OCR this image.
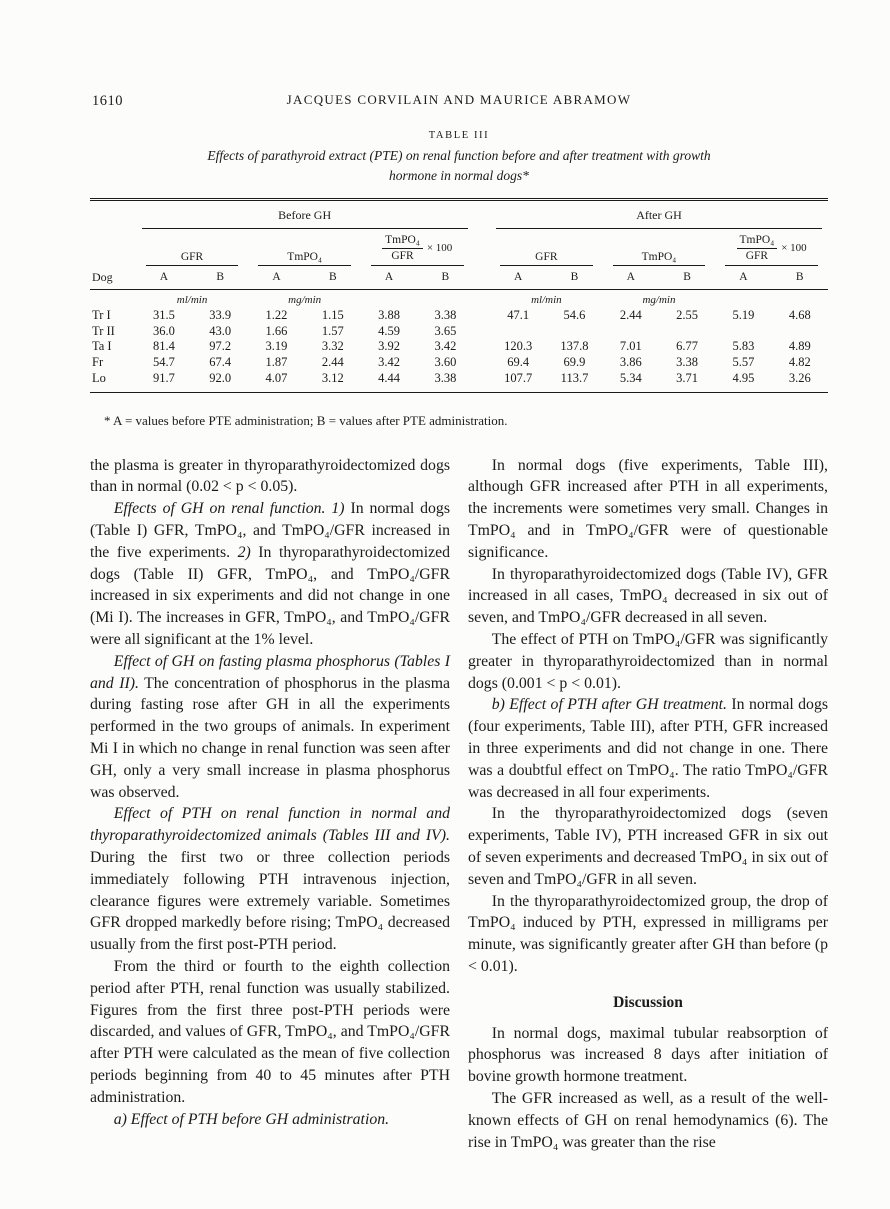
1610	JACQUES CORVILAIN AND MAURICE ABRAMOW
TABLE III
Effects of parathyroid extract (PTE) on renal function before and after treatment with growth hormone in normal dogs*

	Before GH							After GH					

	GFR		TmPO₄		$\frac{\text{TmPO₄}}{\text{GFR}} \times 100$			GFR		TmPO₄		$\frac{\text{TmPO₄}}{\text{GFR}} \times 100$	

Dog	A	B	A	B	A	B		A	B	A	B	A	B
	ml/min		mg/min					ml/min		mg/min			
Tr I	31.5	33.9	1.22	1.15	3.88	3.38		47.1	54.6	2.44	2.55	5.19	4.68
Tr II	36.0	43.0	1.66	1.57	4.59	3.65							
Ta I	81.4	97.2	3.19	3.32	3.92	3.42		120.3	137.8	7.01	6.77	5.83	4.89
Fr	54.7	67.4	1.87	2.44	3.42	3.60		69.4	69.9	3.86	3.38	5.57	4.82
Lo	91.7	92.0	4.07	3.12	4.44	3.38		107.7	113.7	5.34	3.71	4.95	3.26
* A = values before PTE administration; B = values after PTE administration.

the plasma is greater in thyroparathyroidectomized dogs than in normal (0.02 < p < 0.05).

Effects of GH on renal function. 1) In normal dogs (Table I) GFR, TmPO₄, and TmPO₄/GFR increased in the five experiments. 2) In thyroparathyroidectomized dogs (Table II) GFR, TmPO₄, and TmPO₄/GFR increased in six experiments and did not change in one (Mi I). The increases in GFR, TmPO₄, and TmPO₄/GFR were all significant at the 1% level.

Effect of GH on fasting plasma phosphorus (Tables I and II). The concentration of phosphorus in the plasma during fasting rose after GH in all the experiments performed in the two groups of animals. In experiment Mi I in which no change in renal function was seen after GH, only a very small increase in plasma phosphorus was observed.

Effect of PTH on renal function in normal and thyroparathyroidectomized animals (Tables III and IV). During the first two or three collection periods immediately following PTH intravenous injection, clearance figures were extremely variable. Sometimes GFR dropped markedly before rising; TmPO₄ decreased usually from the first post-PTH period.

From the third or fourth to the eighth collection period after PTH, renal function was usually stabilized. Figures from the first three post-PTH periods were discarded, and values of GFR, TmPO₄, and TmPO₄/GFR after PTH were calculated as the mean of five collection periods beginning from 40 to 45 minutes after PTH administration.

a) Effect of PTH before GH administration.

In normal dogs (five experiments, Table III), although GFR increased after PTH in all experiments, the increments were sometimes very small. Changes in TmPO₄ and in TmPO₄/GFR were of questionable significance.

In thyroparathyroidectomized dogs (Table IV), GFR increased in all cases, TmPO₄ decreased in six out of seven, and TmPO₄/GFR decreased in all seven.

The effect of PTH on TmPO₄/GFR was significantly greater in thyroparathyroidectomized than in normal dogs (0.001 < p < 0.01).

b) Effect of PTH after GH treatment. In normal dogs (four experiments, Table III), after PTH, GFR increased in three experiments and did not change in one. There was a doubtful effect on TmPO₄. The ratio TmPO₄/GFR was decreased in all four experiments.

In the thyroparathyroidectomized dogs (seven experiments, Table IV), PTH increased GFR in six out of seven experiments and decreased TmPO₄ in six out of seven and TmPO₄/GFR in all seven.

In the thyroparathyroidectomized group, the drop of TmPO₄ induced by PTH, expressed in milligrams per minute, was significantly greater after GH than before (p < 0.01).

Discussion

In normal dogs, maximal tubular reabsorption of phosphorus was increased 8 days after initiation of bovine growth hormone treatment.

The GFR increased as well, as a result of the well-known effects of GH on renal hemodynamics (6). The rise in TmPO₄ was greater than the rise
